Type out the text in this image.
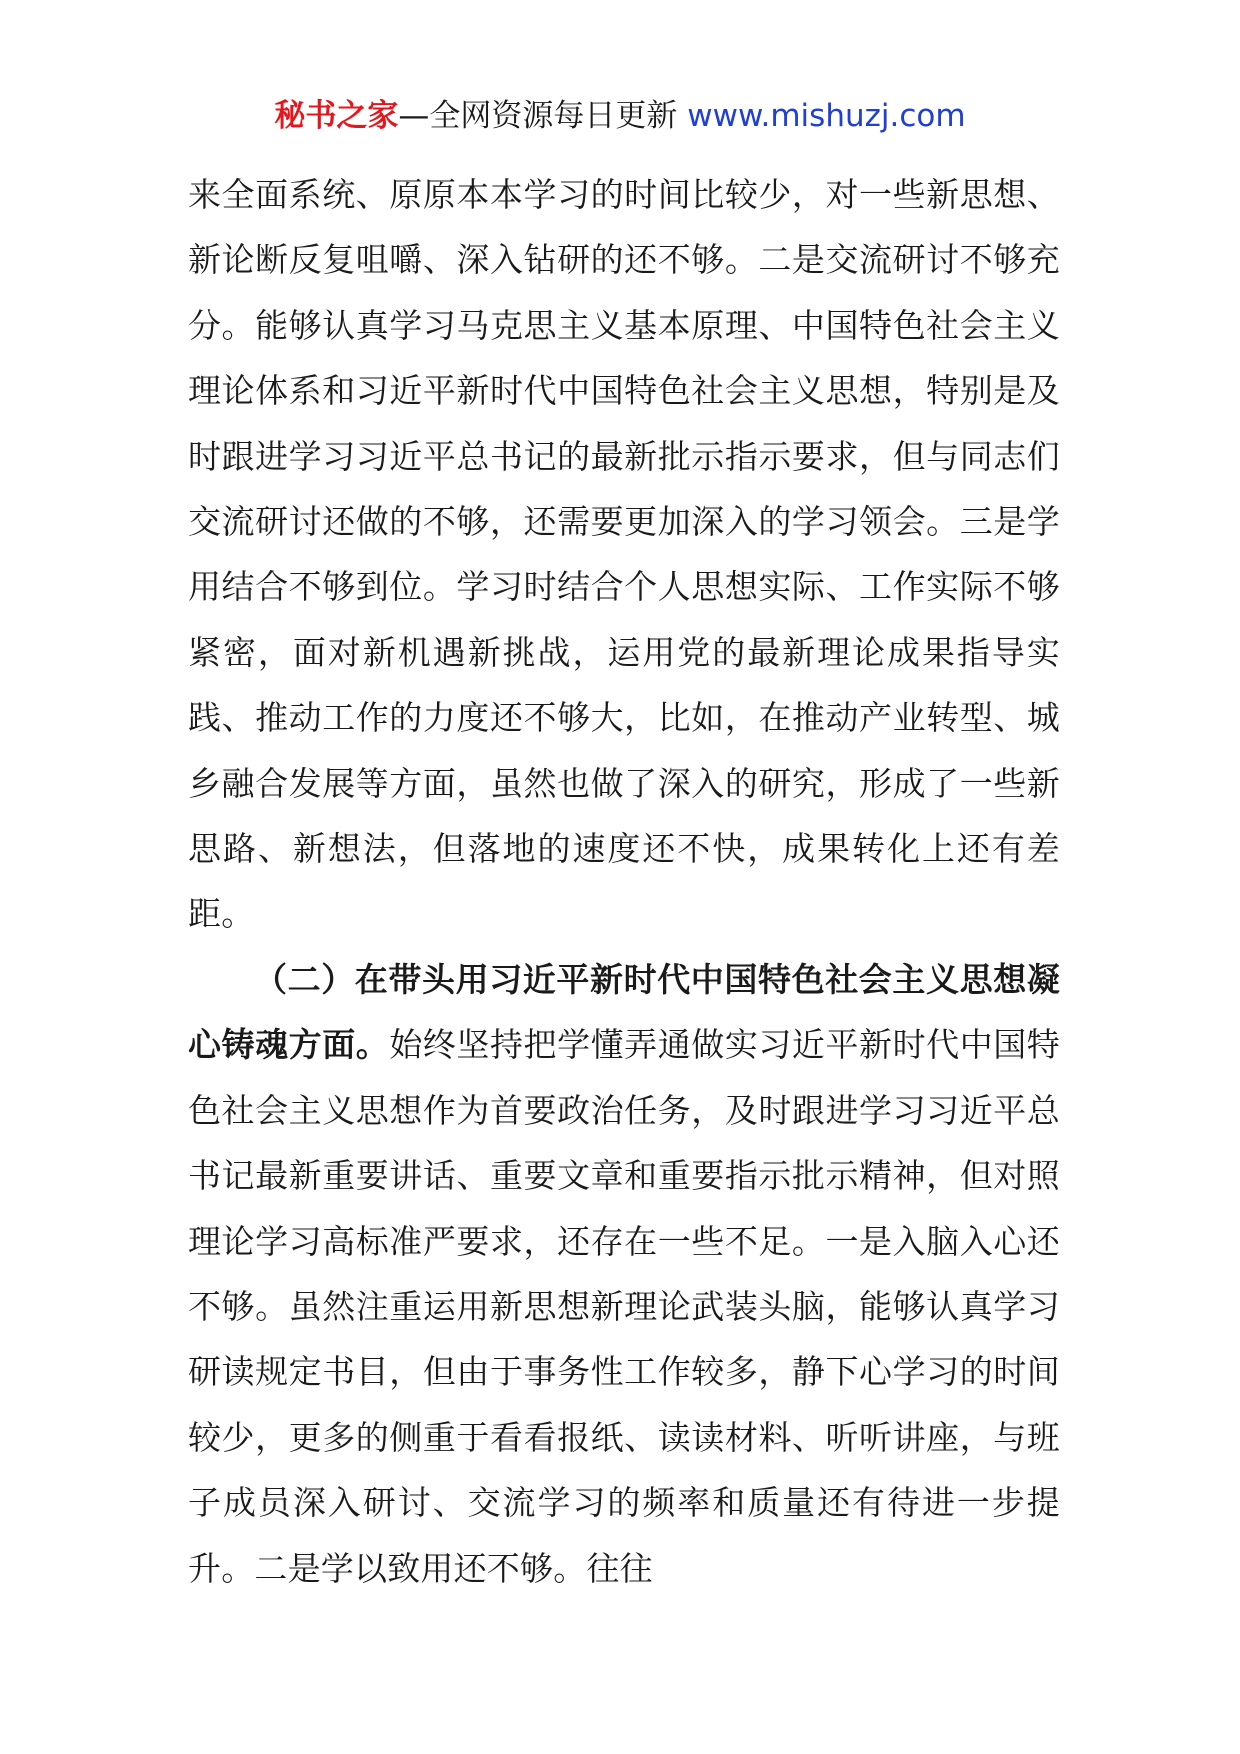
秘书之家—全网资源每日更新 www.mishuzj.com

来全面系统、原原本本学习的时间比较少，对一些新思想、新论断反复咀嚼、深入钻研的还不够。二是交流研讨不够充分。能够认真学习马克思主义基本原理、中国特色社会主义理论体系和习近平新时代中国特色社会主义思想，特别是及时跟进学习习近平总书记的最新批示指示要求，但与同志们交流研讨还做的不够，还需要更加深入的学习领会。三是学用结合不够到位。学习时结合个人思想实际、工作实际不够紧密，面对新机遇新挑战，运用党的最新理论成果指导实践、推动工作的力度还不够大，比如，在推动产业转型、城乡融合发展等方面，虽然也做了深入的研究，形成了一些新思路、新想法，但落地的速度还不快，成果转化上还有差距。

（二）在带头用习近平新时代中国特色社会主义思想凝心铸魂方面。始终坚持把学懂弄通做实习近平新时代中国特色社会主义思想作为首要政治任务，及时跟进学习习近平总书记最新重要讲话、重要文章和重要指示批示精神，但对照理论学习高标准严要求，还存在一些不足。一是入脑入心还不够。虽然注重运用新思想新理论武装头脑，能够认真学习研读规定书目，但由于事务性工作较多，静下心学习的时间较少，更多的侧重于看看报纸、读读材料、听听讲座，与班子成员深入研讨、交流学习的频率和质量还有待进一步提升。二是学以致用还不够。往往
